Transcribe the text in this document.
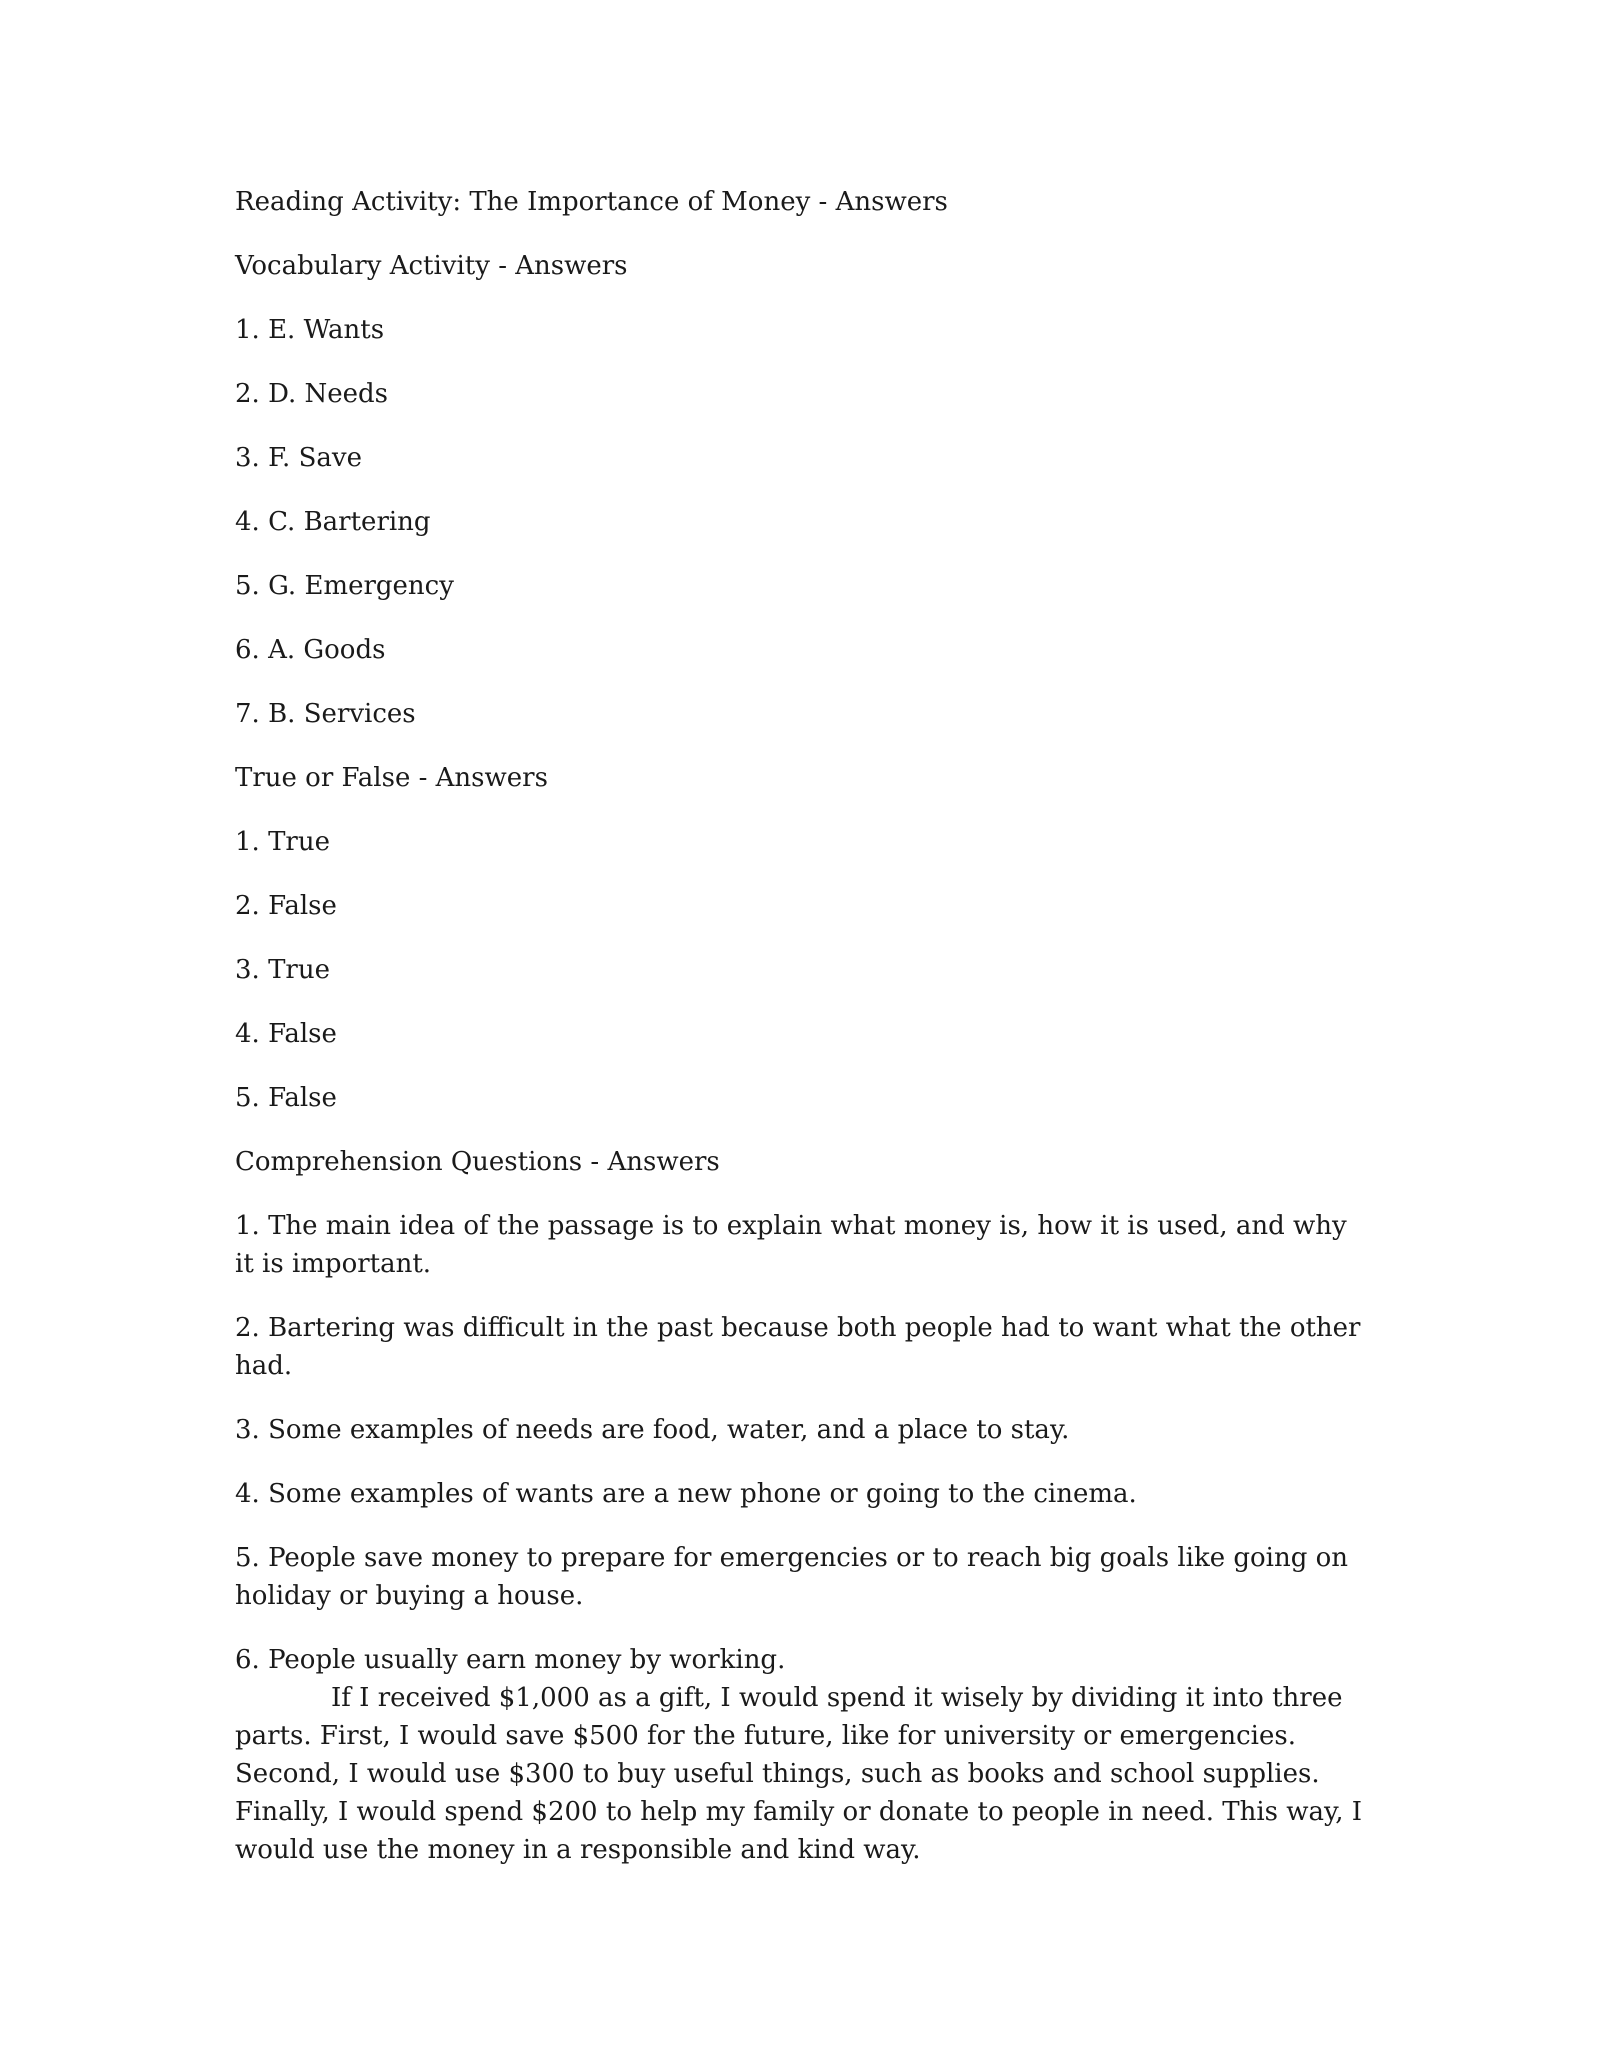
Reading Activity: The Importance of Money - Answers

Vocabulary Activity - Answers

1. E. Wants

2. D. Needs

3. F. Save

4. C. Bartering

5. G. Emergency

6. A. Goods

7. B. Services

True or False - Answers

1. True

2. False

3. True

4. False

5. False

Comprehension Questions - Answers

1. The main idea of the passage is to explain what money is, how it is used, and why it is important.

2. Bartering was difficult in the past because both people had to want what the other had.

3. Some examples of needs are food, water, and a place to stay.

4. Some examples of wants are a new phone or going to the cinema.

5. People save money to prepare for emergencies or to reach big goals like going on holiday or buying a house.

6. People usually earn money by working.

If I received $1,000 as a gift, I would spend it wisely by dividing it into three parts. First, I would save $500 for the future, like for university or emergencies. Second, I would use $300 to buy useful things, such as books and school supplies. Finally, I would spend $200 to help my family or donate to people in need. This way, I would use the money in a responsible and kind way.
